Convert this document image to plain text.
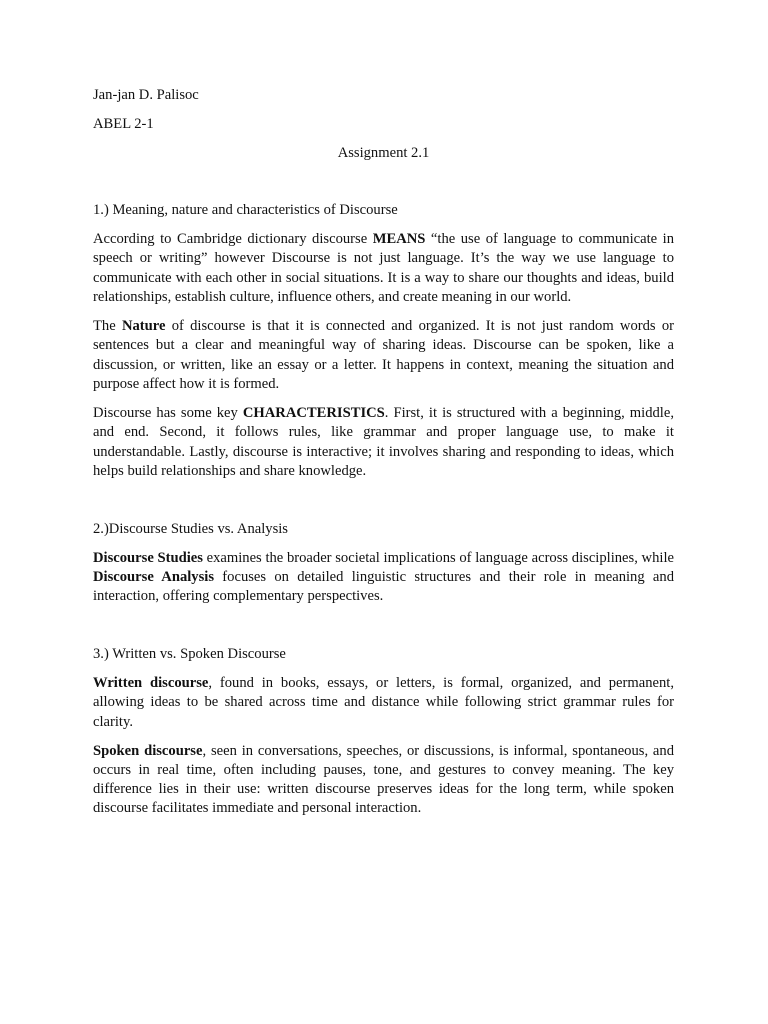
Jan-jan D. Palisoc

ABEL 2-1

Assignment 2.1

1.) Meaning, nature and characteristics of Discourse

According to Cambridge dictionary discourse MEANS “the use of language to communicate in speech or writing” however Discourse is not just language. It’s the way we use language to communicate with each other in social situations. It is a way to share our thoughts and ideas, build relationships, establish culture, influence others, and create meaning in our world.

The Nature of discourse is that it is connected and organized. It is not just random words or sentences but a clear and meaningful way of sharing ideas. Discourse can be spoken, like a discussion, or written, like an essay or a letter. It happens in context, meaning the situation and purpose affect how it is formed.

Discourse has some key CHARACTERISTICS. First, it is structured with a beginning, middle, and end. Second, it follows rules, like grammar and proper language use, to make it understandable. Lastly, discourse is interactive; it involves sharing and responding to ideas, which helps build relationships and share knowledge.

2.)Discourse Studies vs. Analysis

Discourse Studies examines the broader societal implications of language across disciplines, while Discourse Analysis focuses on detailed linguistic structures and their role in meaning and interaction, offering complementary perspectives.

3.) Written vs. Spoken Discourse

Written discourse, found in books, essays, or letters, is formal, organized, and permanent, allowing ideas to be shared across time and distance while following strict grammar rules for clarity.

Spoken discourse, seen in conversations, speeches, or discussions, is informal, spontaneous, and occurs in real time, often including pauses, tone, and gestures to convey meaning. The key difference lies in their use: written discourse preserves ideas for the long term, while spoken discourse facilitates immediate and personal interaction.
